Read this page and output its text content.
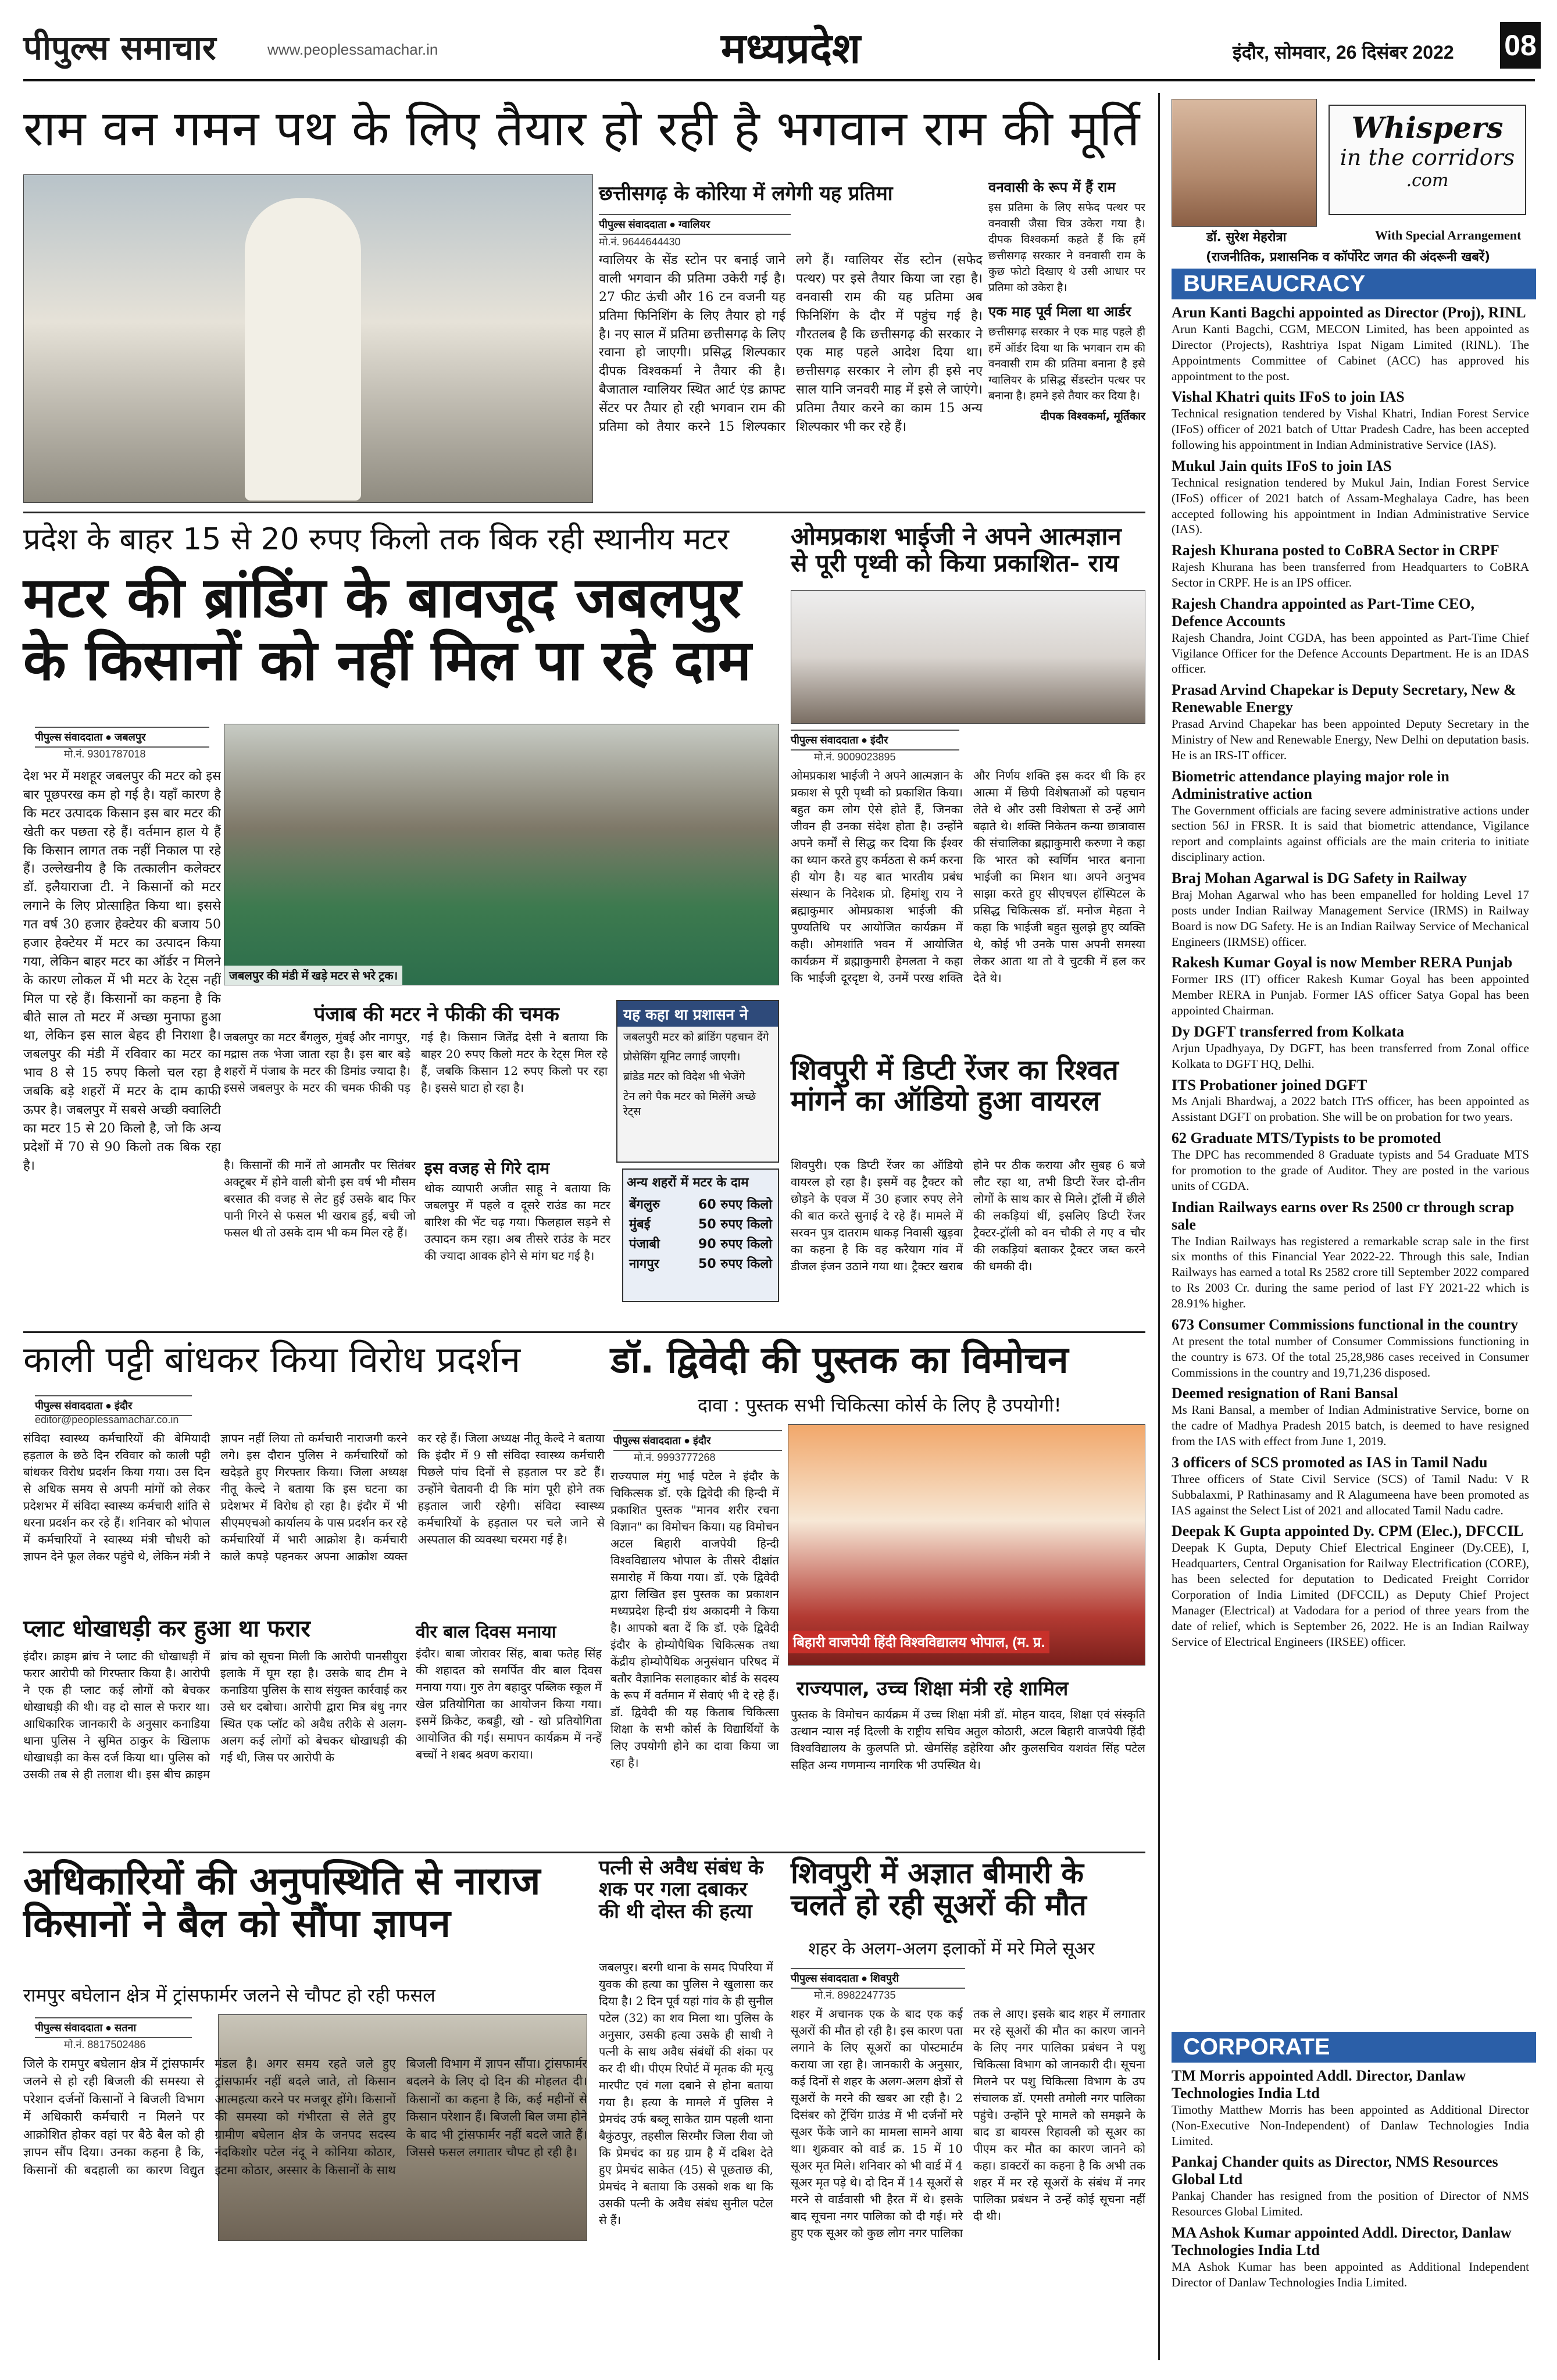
पीपुल्स समाचार	www.peoplessamachar.in	मध्यप्रदेश	इंदौर, सोमवार, 26 दिसंबर 2022 08
राम वन गमन पथ के लिए तैयार हो रही है भगवान राम की मूर्ति
छत्तीसगढ़ के कोरिया में लगेगी यह प्रतिमा
पीपुल्स संवाददाता ● ग्वालियर
मो.नं. 9644644430
ग्वालियर के सेंड स्टोन पर बनाई जाने वाली भगवान की प्रतिमा उकेरी गई है। 27 फीट ऊंची और 16 टन वजनी यह प्रतिमा फिनिशिंग के लिए तैयार हो गई है। नए साल में प्रतिमा छत्तीसगढ़ के लिए रवाना हो जाएगी। प्रसिद्ध शिल्पकार दीपक विश्वकर्मा ने तैयार की है। बैजाताल ग्वालियर स्थित आर्ट एंड क्राफ्ट सेंटर पर तैयार हो रही भगवान राम की प्रतिमा को तैयार करने 15 शिल्पकार लगे हैं। ग्वालियर सेंड स्टोन (सफेद पत्थर) पर इसे तैयार किया जा रहा है। वनवासी राम की यह प्रतिमा अब फिनिशिंग के दौर में पहुंच गई है। गौरतलब है कि छत्तीसगढ़ की सरकार ने एक माह पहले आदेश दिया था। छत्तीसगढ़ सरकार ने लोग ही इसे नए साल यानि जनवरी माह में इसे ले जाएंगे। प्रतिमा तैयार करने का काम 15 अन्य शिल्पकार भी कर रहे हैं।
वनवासी के रूप में हैं राम
इस प्रतिमा के लिए सफेद पत्थर पर वनवासी जैसा चित्र उकेरा गया है। दीपक विश्वकर्मा कहते हैं कि हमें छत्तीसगढ़ सरकार ने वनवासी राम के कुछ फोटो दिखाए थे उसी आधार पर प्रतिमा को उकेरा है।
एक माह पूर्व मिला था आर्डर
छत्तीसगढ़ सरकार ने एक माह पहले ही हमें ऑर्डर दिया था कि भगवान राम की वनवासी राम की प्रतिमा बनाना है इसे ग्वालियर के प्रसिद्ध सेंडस्टोन पत्थर पर बनाना है। हमने इसे तैयार कर दिया है।
दीपक विश्वकर्मा, मूर्तिकार
प्रदेश के बाहर 15 से 20 रुपए किलो तक बिक रही स्थानीय मटर
मटर की ब्रांडिंग के बावजूद जबलपुर के किसानों को नहीं मिल पा रहे दाम
पीपुल्स संवाददाता ● जबलपुर
मो.नं. 9301787018
देश भर में मशहूर जबलपुर की मटर को इस बार पूछपरख कम हो गई है। यहाँ कारण है कि मटर उत्पादक किसान इस बार मटर की खेती कर पछता रहे हैं। वर्तमान हाल ये हैं कि किसान लागत तक नहीं निकाल पा रहे हैं। उल्लेखनीय है कि तत्कालीन कलेक्टर डॉ. इलैयाराजा टी. ने किसानों को मटर लगाने के लिए प्रोत्साहित किया था। इससे गत वर्ष 30 हजार हेक्टेयर की बजाय 50 हजार हेक्टेयर में मटर का उत्पादन किया गया, लेकिन बाहर मटर का ऑर्डर न मिलने के कारण लोकल में भी मटर के रेट्स नहीं मिल पा रहे हैं। किसानों का कहना है कि बीते साल तो मटर में अच्छा मुनाफा हुआ था, लेकिन इस साल बेहद ही निराशा है। जबलपुर की मंडी में रविवार का मटर का भाव 8 से 15 रुपए किलो चल रहा है जबकि बड़े शहरों में मटर के दाम काफी ऊपर है। जबलपुर में सबसे अच्छी क्वालिटी का मटर 15 से 20 किलो है, जो कि अन्य प्रदेशों में 70 से 90 किलो तक बिक रहा है।
जबलपुर की मंडी में खड़े मटर से भरे ट्रक।
पंजाब की मटर ने फीकी की चमक
जबलपुर का मटर बैंगलुरु, मुंबई और नागपुर, मद्रास तक भेजा जाता रहा है। इस बार बड़े शहरों में पंजाब के मटर की डिमांड ज्यादा है। इससे जबलपुर के मटर की चमक फीकी पड़ गई है। किसान जितेंद्र देसी ने बताया कि बाहर 20 रुपए किलो मटर के रेट्स मिल रहे हैं, जबकि किसान 12 रुपए किलो पर रहा है। इससे घाटा हो रहा है।
यह कहा था प्रशासन ने
जबलपुरी मटर को ब्रांडिंग पहचान देंगे
प्रोसेसिंग यूनिट लगाई जाएगी।
ब्रांडेड मटर को विदेश भी भेजेंगे
टेन लगे पैक मटर को मिलेंगे अच्छे रेट्स
है। किसानों की मानें तो आमतौर पर सितंबर अक्टूबर में होने वाली बोनी इस वर्ष भी मौसम बरसात की वजह से लेट हुई उसके बाद फिर पानी गिरने से फसल भी खराब हुई, बची जो फसल थी तो उसके दाम भी कम मिल रहे हैं।
इस वजह से गिरे दाम
थोक व्यापारी अजीत साहू ने बताया कि जबलपुर में पहले व दूसरे राउंड का मटर बारिश की भेंट चढ़ गया। फिलहाल सड़ने से उत्पादन कम रहा। अब तीसरे राउंड के मटर की ज्यादा आवक होने से मांग घट गई है।
अन्य शहरों में मटर के दाम
बेंगलुरु	60 रुपए किलो
मुंबई	50 रुपए किलो
पंजाबी	90 रुपए किलो
नागपुर	50 रुपए किलो
ओमप्रकाश भाईजी ने अपने आत्मज्ञान से पूरी पृथ्वी को किया प्रकाशित- राय
पीपुल्स संवाददाता ● इंदौर
मो.नं. 9009023895
ओमप्रकाश भाईजी ने अपने आत्मज्ञान के प्रकाश से पूरी पृथ्वी को प्रकाशित किया। बहुत कम लोग ऐसे होते हैं, जिनका जीवन ही उनका संदेश होता है। उन्होंने अपने कर्मों से सिद्ध कर दिया कि ईश्वर का ध्यान करते हुए कर्मठता से कर्म करना ही योग है। यह बात भारतीय प्रबंध संस्थान के निदेशक प्रो. हिमांशु राय ने ब्रह्माकुमार ओमप्रकाश भाईजी की पुण्यतिथि पर आयोजित कार्यक्रम में कही। ओमशांति भवन में आयोजित कार्यक्रम में ब्रह्माकुमारी हेमलता ने कहा कि भाईजी दूरदृष्टा थे, उनमें परख शक्ति और निर्णय शक्ति इस कदर थी कि हर आत्मा में छिपी विशेषताओं को पहचान लेते थे और उसी विशेषता से उन्हें आगे बढ़ाते थे। शक्ति निकेतन कन्या छात्रावास की संचालिका ब्रह्माकुमारी करुणा ने कहा कि भारत को स्वर्णिम भारत बनाना भाईजी का मिशन था। अपने अनुभव साझा करते हुए सीएचएल हॉस्पिटल के प्रसिद्ध चिकित्सक डॉ. मनोज मेहता ने कहा कि भाईजी बहुत सुलझे हुए व्यक्ति थे, कोई भी उनके पास अपनी समस्या लेकर आता था तो वे चुटकी में हल कर देते थे।
शिवपुरी में डिप्टी रेंजर का रिश्वत मांगने का ऑडियो हुआ वायरल
शिवपुरी। एक डिप्टी रेंजर का ऑडियो वायरल हो रहा है। इसमें वह ट्रैक्टर को छोड़ने के एवज में 30 हजार रुपए लेने की बात करते सुनाई दे रहे हैं। मामले में सरवन पुत्र दातराम धाकड़ निवासी खुड़वा का कहना है कि वह करैयाग गांव में डीजल इंजन उठाने गया था। ट्रैक्टर खराब होने पर ठीक कराया और सुबह 6 बजे लौट रहा था, तभी डिप्टी रेंजर दो-तीन लोगों के साथ कार से मिले। ट्रॉली में छीले की लकड़ियां थीं, इसलिए डिप्टी रेंजर ट्रैक्टर-ट्रॉली को वन चौकी ले गए व चौर की लकड़ियां बताकर ट्रैक्टर जब्त करने की धमकी दी।
काली पट्टी बांधकर किया विरोध प्रदर्शन
पीपुल्स संवाददाता ● इंदौर
editor@peoplessamachar.co.in
संविदा स्वास्थ्य कर्मचारियों की बेमियादी हड़ताल के छठे दिन रविवार को काली पट्टी बांधकर विरोध प्रदर्शन किया गया। उस दिन से अधिक समय से अपनी मांगों को लेकर प्रदेशभर में संविदा स्वास्थ्य कर्मचारी शांति से धरना प्रदर्शन कर रहे हैं। शनिवार को भोपाल में कर्मचारियों ने स्वास्थ्य मंत्री चौधरी को ज्ञापन देने फूल लेकर पहुंचे थे, लेकिन मंत्री ने ज्ञापन नहीं लिया तो कर्मचारी नाराजगी करने लगे। इस दौरान पुलिस ने कर्मचारियों को खदेड़ते हुए गिरफ्तार किया। जिला अध्यक्ष नीतू केल्दे ने बताया कि इस घटना का प्रदेशभर में विरोध हो रहा है। इंदौर में भी सीएमएचओ कार्यालय के पास प्रदर्शन कर रहे कर्मचारियों में भारी आक्रोश है। कर्मचारी काले कपड़े पहनकर अपना आक्रोश व्यक्त कर रहे हैं। जिला अध्यक्ष नीतू केल्दे ने बताया कि इंदौर में 9 सौ संविदा स्वास्थ्य कर्मचारी पिछले पांच दिनों से हड़ताल पर डटे हैं। उन्होंने चेतावनी दी कि मांग पूरी होने तक हड़ताल जारी रहेगी। संविदा स्वास्थ्य कर्मचारियों के हड़ताल पर चले जाने से अस्पताल की व्यवस्था चरमरा गई है।
प्लाट धोखाधड़ी कर हुआ था फरार
इंदौर। क्राइम ब्रांच ने प्लाट की धोखाधड़ी में फरार आरोपी को गिरफ्तार किया है। आरोपी ने एक ही प्लाट कई लोगों को बेचकर धोखाधड़ी की थी। वह दो साल से फरार था। आधिकारिक जानकारी के अनुसार कनाडिया थाना पुलिस ने सुमित ठाकुर के खिलाफ धोखाधड़ी का केस दर्ज किया था। पुलिस को उसकी तब से ही तलाश थी। इस बीच क्राइम ब्रांच को सूचना मिली कि आरोपी पानसीयुरा इलाके में घूम रहा है। उसके बाद टीम ने कनाडिया पुलिस के साथ संयुक्त कार्रवाई कर उसे धर दबोचा। आरोपी द्वारा मित्र बंधु नगर स्थित एक प्लॉट को अवैध तरीके से अलग-अलग कई लोगों को बेचकर धोखाधड़ी की गई थी, जिस पर आरोपी के
वीर बाल दिवस मनाया
इंदौर। बाबा जोरावर सिंह, बाबा फतेह सिंह की शहादत को समर्पित वीर बाल दिवस मनाया गया। गुरु तेग बहादुर पब्लिक स्कूल में खेल प्रतियोगिता का आयोजन किया गया। इसमें क्रिकेट, कबड्डी, खो - खो प्रतियोगिता आयोजित की गई। समापन कार्यक्रम में नन्हें बच्चों ने शबद श्रवण कराया।
डॉ. द्विवेदी की पुस्तक का विमोचन
दावा : पुस्तक सभी चिकित्सा कोर्स के लिए है उपयोगी!
पीपुल्स संवाददाता ● इंदौर
मो.नं. 9993777268
राज्यपाल मंगु भाई पटेल ने इंदौर के चिकित्सक डॉ. एके द्विवेदी की हिन्दी में प्रकाशित पुस्तक "मानव शरीर रचना विज्ञान" का विमोचन किया। यह विमोचन अटल बिहारी वाजपेयी हिन्दी विश्वविद्यालय भोपाल के तीसरे दीक्षांत समारोह में किया गया। डॉ. एके द्विवेदी द्वारा लिखित इस पुस्तक का प्रकाशन मध्यप्रदेश हिन्दी ग्रंथ अकादमी ने किया है। आपको बता दें कि डॉ. एके द्विवेदी इंदौर के होम्योपैथिक चिकित्सक तथा केंद्रीय होम्योपैथिक अनुसंधान परिषद में बतौर वैज्ञानिक सलाहकार बोर्ड के सदस्य के रूप में वर्तमान में सेवाएं भी दे रहे हैं। डॉ. द्विवेदी की यह किताब चिकित्सा शिक्षा के सभी कोर्स के विद्यार्थियों के लिए उपयोगी होने का दावा किया जा रहा है।
बिहारी वाजपेयी हिंदी विश्वविद्यालय भोपाल, (म. प्र.
राज्यपाल, उच्च शिक्षा मंत्री रहे शामिल
पुस्तक के विमोचन कार्यक्रम में उच्च शिक्षा मंत्री डॉ. मोहन यादव, शिक्षा एवं संस्कृति उत्थान न्यास नई दिल्ली के राष्ट्रीय सचिव अतुल कोठारी, अटल बिहारी वाजपेयी हिंदी विश्वविद्यालय के कुलपति प्रो. खेमसिंह डहेरिया और कुलसचिव यशवंत सिंह पटेल सहित अन्य गणमान्य नागरिक भी उपस्थित थे।
अधिकारियों की अनुपस्थिति से नाराज किसानों ने बैल को सौंपा ज्ञापन
रामपुर बघेलान क्षेत्र में ट्रांसफार्मर जलने से चौपट हो रही फसल
पीपुल्स संवाददाता ● सतना
मो.नं. 8817502486
जिले के रामपुर बघेलान क्षेत्र में ट्रांसफार्मर जलने से हो रही बिजली की समस्या से परेशान दर्जनों किसानों ने बिजली विभाग में अधिकारी कर्मचारी न मिलने पर आक्रोशित होकर वहां पर बैठे बैल को ही ज्ञापन सौंप दिया। उनका कहना है कि, किसानों की बदहाली का कारण विद्युत मंडल है। अगर समय रहते जले हुए ट्रांसफार्मर नहीं बदले जाते, तो किसान आत्महत्या करने पर मजबूर होंगे। किसानों की समस्या को गंभीरता से लेते हुए ग्रामीण बघेलान क्षेत्र के जनपद सदस्य नंदकिशोर पटेल नंदू ने कोनिया कोठार, इटमा कोठार, अस्सार के किसानों के साथ बिजली विभाग में ज्ञापन सौंपा। ट्रांसफार्मर बदलने के लिए दो दिन की मोहलत दी। किसानों का कहना है कि, कई महीनों से किसान परेशान हैं। बिजली बिल जमा होने के बाद भी ट्रांसफार्मर नहीं बदले जाते हैं। जिससे फसल लगातार चौपट हो रही है।
पत्नी से अवैध संबंध के शक पर गला दबाकर की थी दोस्त की हत्या
जबलपुर। बरगी थाना के समद पिपरिया में युवक की हत्या का पुलिस ने खुलासा कर दिया है। 2 दिन पूर्व यहां गांव के ही सुनील पटेल (32) का शव मिला था। पुलिस के अनुसार, उसकी हत्या उसके ही साथी ने पत्नी के साथ अवैध संबंधों की शंका पर कर दी थी। पीएम रिपोर्ट में मृतक की मृत्यु मारपीट एवं गला दबाने से होना बताया गया है। हत्या के मामले में पुलिस ने प्रेमचंद उर्फ बब्लू साकेत ग्राम पहली थाना बैकुंठपुर, तहसील सिरमौर जिला रीवा जो कि प्रेमचंद का ग्रह ग्राम है में दबिश देते हुए प्रेमचंद साकेत (45) से पूछताछ की, प्रेमचंद ने बताया कि उसको शक था कि उसकी पत्नी के अवैध संबंध सुनील पटेल से हैं।
शिवपुरी में अज्ञात बीमारी के चलते हो रही सूअरों की मौत
शहर के अलग-अलग इलाकों में मरे मिले सूअर
पीपुल्स संवाददाता ● शिवपुरी
मो.नं. 8982247735
शहर में अचानक एक के बाद एक कई सूअरों की मौत हो रही है। इस कारण पता लगाने के लिए सूअरों का पोस्टमार्टम कराया जा रहा है। जानकारी के अनुसार, कई दिनों से शहर के अलग-अलग क्षेत्रों से सूअरों के मरने की खबर आ रही है। 2 दिसंबर को ट्रेंचिंग ग्राउंड में भी दर्जनों मरे सूअर फेंके जाने का मामला सामने आया था। शुक्रवार को वार्ड क्र. 15 में 10 सूअर मृत मिले। शनिवार को भी वार्ड में 4 सूअर मृत पड़े थे। दो दिन में 14 सूअरों से मरने से वार्डवासी भी हैरत में थे। इसके बाद सूचना नगर पालिका को दी गई। मरे हुए एक सूअर को कुछ लोग नगर पालिका तक ले आए। इसके बाद शहर में लगातार मर रहे सूअरों की मौत का कारण जानने के लिए नगर पालिका प्रबंधन ने पशु चिकित्सा विभाग को जानकारी दी। सूचना मिलने पर पशु चिकित्सा विभाग के उप संचालक डॉ. एमसी तमोली नगर पालिका पहुंचे। उन्होंने पूरे मामले को समझने के बाद डा बायरस रिहावली को सूअर का पीएम कर मौत का कारण जानने को कहा। डाक्टरों का कहना है कि अभी तक शहर में मर रहे सूअरों के संबंध में नगर पालिका प्रबंधन ने उन्हें कोई सूचना नहीं दी थी।
Whispers
in the corridors
.com
डॉ. सुरेश मेहरोत्रा	With Special Arrangement
(राजनीतिक, प्रशासनिक व कॉर्पोरेट जगत की अंदरूनी खबरें)
BUREAUCRACY
Arun Kanti Bagchi appointed as Director (Proj), RINL
Arun Kanti Bagchi, CGM, MECON Limited, has been appointed as Director (Projects), Rashtriya Ispat Nigam Limited (RINL). The Appointments Committee of Cabinet (ACC) has approved his appointment to the post.
Vishal Khatri quits IFoS to join IAS
Technical resignation tendered by Vishal Khatri, Indian Forest Service (IFoS) officer of 2021 batch of Uttar Pradesh Cadre, has been accepted following his appointment in Indian Administrative Service (IAS).
Mukul Jain quits IFoS to join IAS
Technical resignation tendered by Mukul Jain, Indian Forest Service (IFoS) officer of 2021 batch of Assam-Meghalaya Cadre, has been accepted following his appointment in Indian Administrative Service (IAS).
Rajesh Khurana posted to CoBRA Sector in CRPF
Rajesh Khurana has been transferred from Headquarters to CoBRA Sector in CRPF. He is an IPS officer.
Rajesh Chandra appointed as Part-Time CEO, Defence Accounts
Rajesh Chandra, Joint CGDA, has been appointed as Part-Time Chief Vigilance Officer for the Defence Accounts Department. He is an IDAS officer.
Prasad Arvind Chapekar is Deputy Secretary, New & Renewable Energy
Prasad Arvind Chapekar has been appointed Deputy Secretary in the Ministry of New and Renewable Energy, New Delhi on deputation basis. He is an IRS-IT officer.
Biometric attendance playing major role in Administrative action
The Government officials are facing severe administrative actions under section 56J in FRSR. It is said that biometric attendance, Vigilance report and complaints against officials are the main criteria to initiate disciplinary action.
Braj Mohan Agarwal is DG Safety in Railway
Braj Mohan Agarwal who has been empanelled for holding Level 17 posts under Indian Railway Management Service (IRMS) in Railway Board is now DG Safety. He is an Indian Railway Service of Mechanical Engineers (IRMSE) officer.
Rakesh Kumar Goyal is now Member RERA Punjab
Former IRS (IT) officer Rakesh Kumar Goyal has been appointed Member RERA in Punjab. Former IAS officer Satya Gopal has been appointed Chairman.
Dy DGFT transferred from Kolkata
Arjun Upadhyaya, Dy DGFT, has been transferred from Zonal office Kolkata to DGFT HQ, Delhi.
ITS Probationer joined DGFT
Ms Anjali Bhardwaj, a 2022 batch ITrS officer, has been appointed as Assistant DGFT on probation. She will be on probation for two years.
62 Graduate MTS/Typists to be promoted
The DPC has recommended 8 Graduate typists and 54 Graduate MTS for promotion to the grade of Auditor. They are posted in the various units of CGDA.
Indian Railways earns over Rs 2500 cr through scrap sale
The Indian Railways has registered a remarkable scrap sale in the first six months of this Financial Year 2022-22. Through this sale, Indian Railways has earned a total Rs 2582 crore till September 2022 compared to Rs 2003 Cr. during the same period of last FY 2021-22 which is 28.91% higher.
673 Consumer Commissions functional in the country
At present the total number of Consumer Commissions functioning in the country is 673. Of the total 25,28,986 cases received in Consumer Commissions in the country and 19,71,236 disposed.
Deemed resignation of Rani Bansal
Ms Rani Bansal, a member of Indian Administrative Service, borne on the cadre of Madhya Pradesh 2015 batch, is deemed to have resigned from the IAS with effect from June 1, 2019.
3 officers of SCS promoted as IAS in Tamil Nadu
Three officers of State Civil Service (SCS) of Tamil Nadu: V R Subbalaxmi, P Rathinasamy and R Alagumeena have been promoted as IAS against the Select List of 2021 and allocated Tamil Nadu cadre.
Deepak K Gupta appointed Dy. CPM (Elec.), DFCCIL
Deepak K Gupta, Deputy Chief Electrical Engineer (Dy.CEE), I, Headquarters, Central Organisation for Railway Electrification (CORE), has been selected for deputation to Dedicated Freight Corridor Corporation of India Limited (DFCCIL) as Deputy Chief Project Manager (Electrical) at Vadodara for a period of three years from the date of relief, which is September 26, 2022. He is an Indian Railway Service of Electrical Engineers (IRSEE) officer.
CORPORATE
TM Morris appointed Addl. Director, Danlaw Technologies India Ltd
Timothy Matthew Morris has been appointed as Additional Director (Non-Executive Non-Independent) of Danlaw Technologies India Limited.
Pankaj Chander quits as Director, NMS Resources Global Ltd
Pankaj Chander has resigned from the position of Director of NMS Resources Global Limited.
MA Ashok Kumar appointed Addl. Director, Danlaw Technologies India Ltd
MA Ashok Kumar has been appointed as Additional Independent Director of Danlaw Technologies India Limited.
